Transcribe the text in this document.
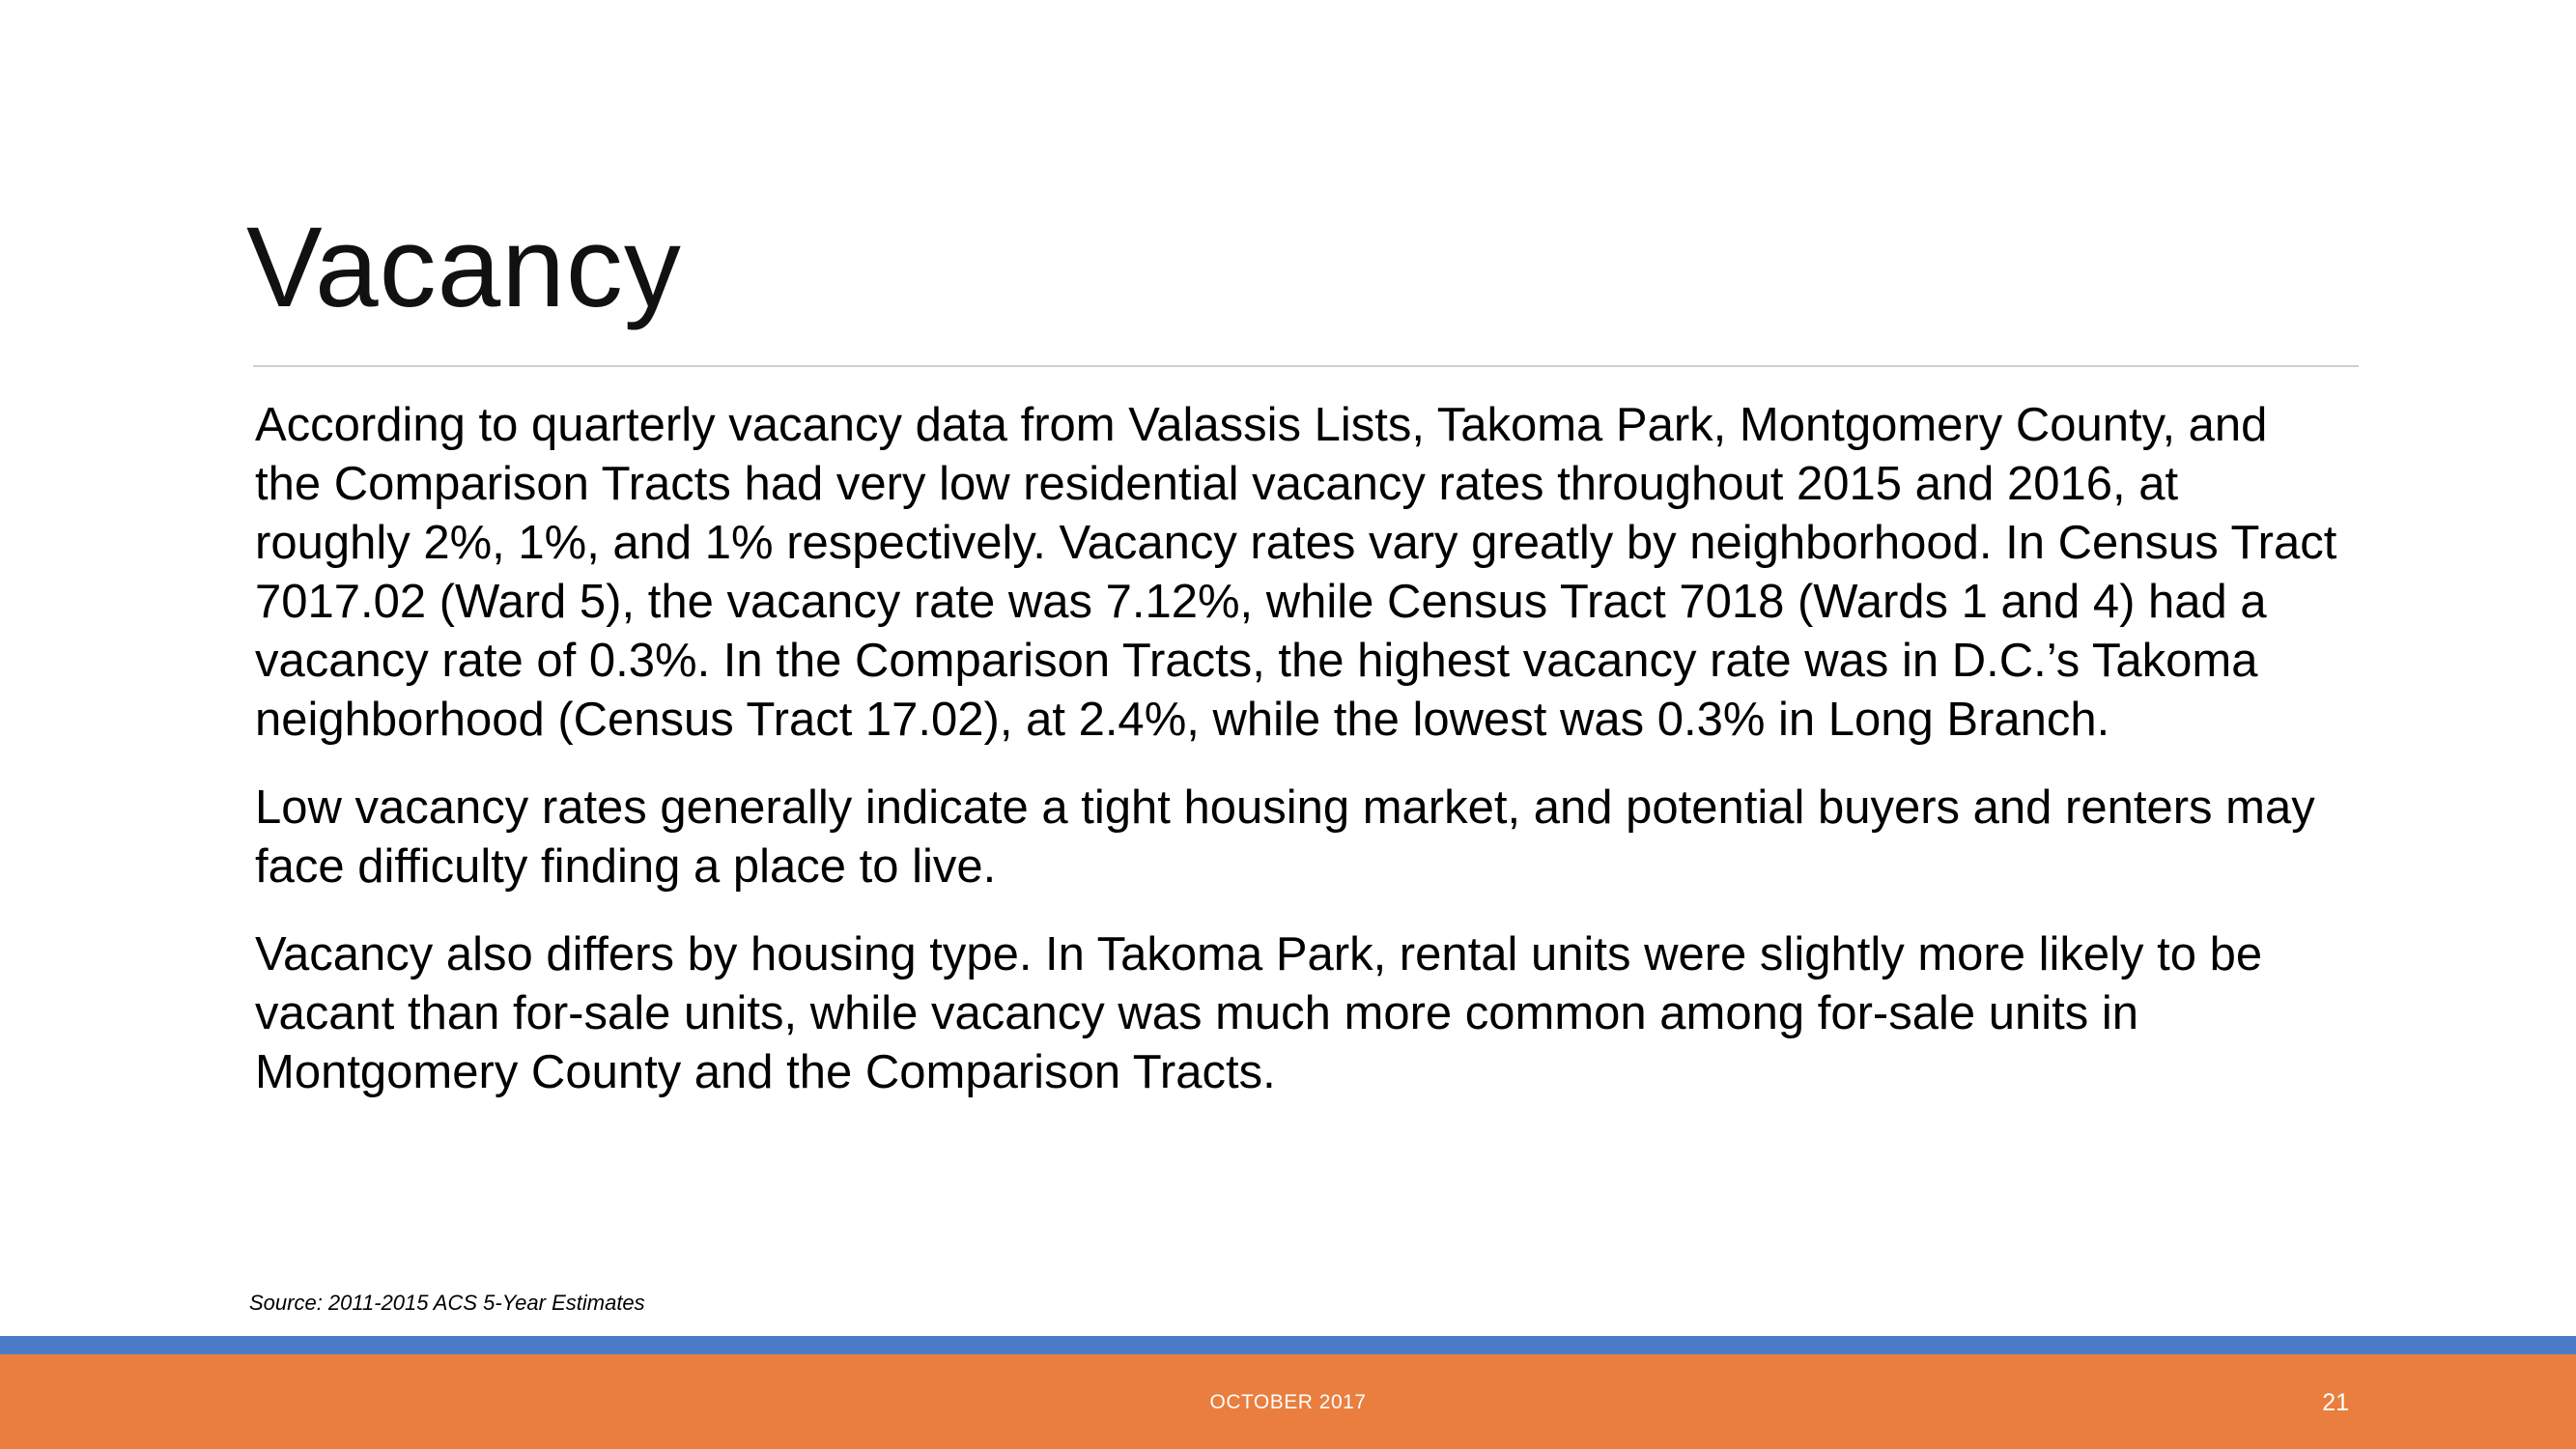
Vacancy

According to quarterly vacancy data from Valassis Lists, Takoma Park, Montgomery County, and the Comparison Tracts had very low residential vacancy rates throughout 2015 and 2016, at roughly 2%, 1%, and 1% respectively. Vacancy rates vary greatly by neighborhood. In Census Tract 7017.02 (Ward 5), the vacancy rate was 7.12%, while Census Tract 7018 (Wards 1 and 4) had a vacancy rate of 0.3%. In the Comparison Tracts, the highest vacancy rate was in D.C.’s Takoma neighborhood (Census Tract 17.02), at 2.4%, while the lowest was 0.3% in Long Branch.

Low vacancy rates generally indicate a tight housing market, and potential buyers and renters may face difficulty finding a place to live.

Vacancy also differs by housing type. In Takoma Park, rental units were slightly more likely to be vacant than for-sale units, while vacancy was much more common among for-sale units in Montgomery County and the Comparison Tracts.

Source: 2011-2015 ACS 5-Year Estimates
OCTOBER 2017	21
